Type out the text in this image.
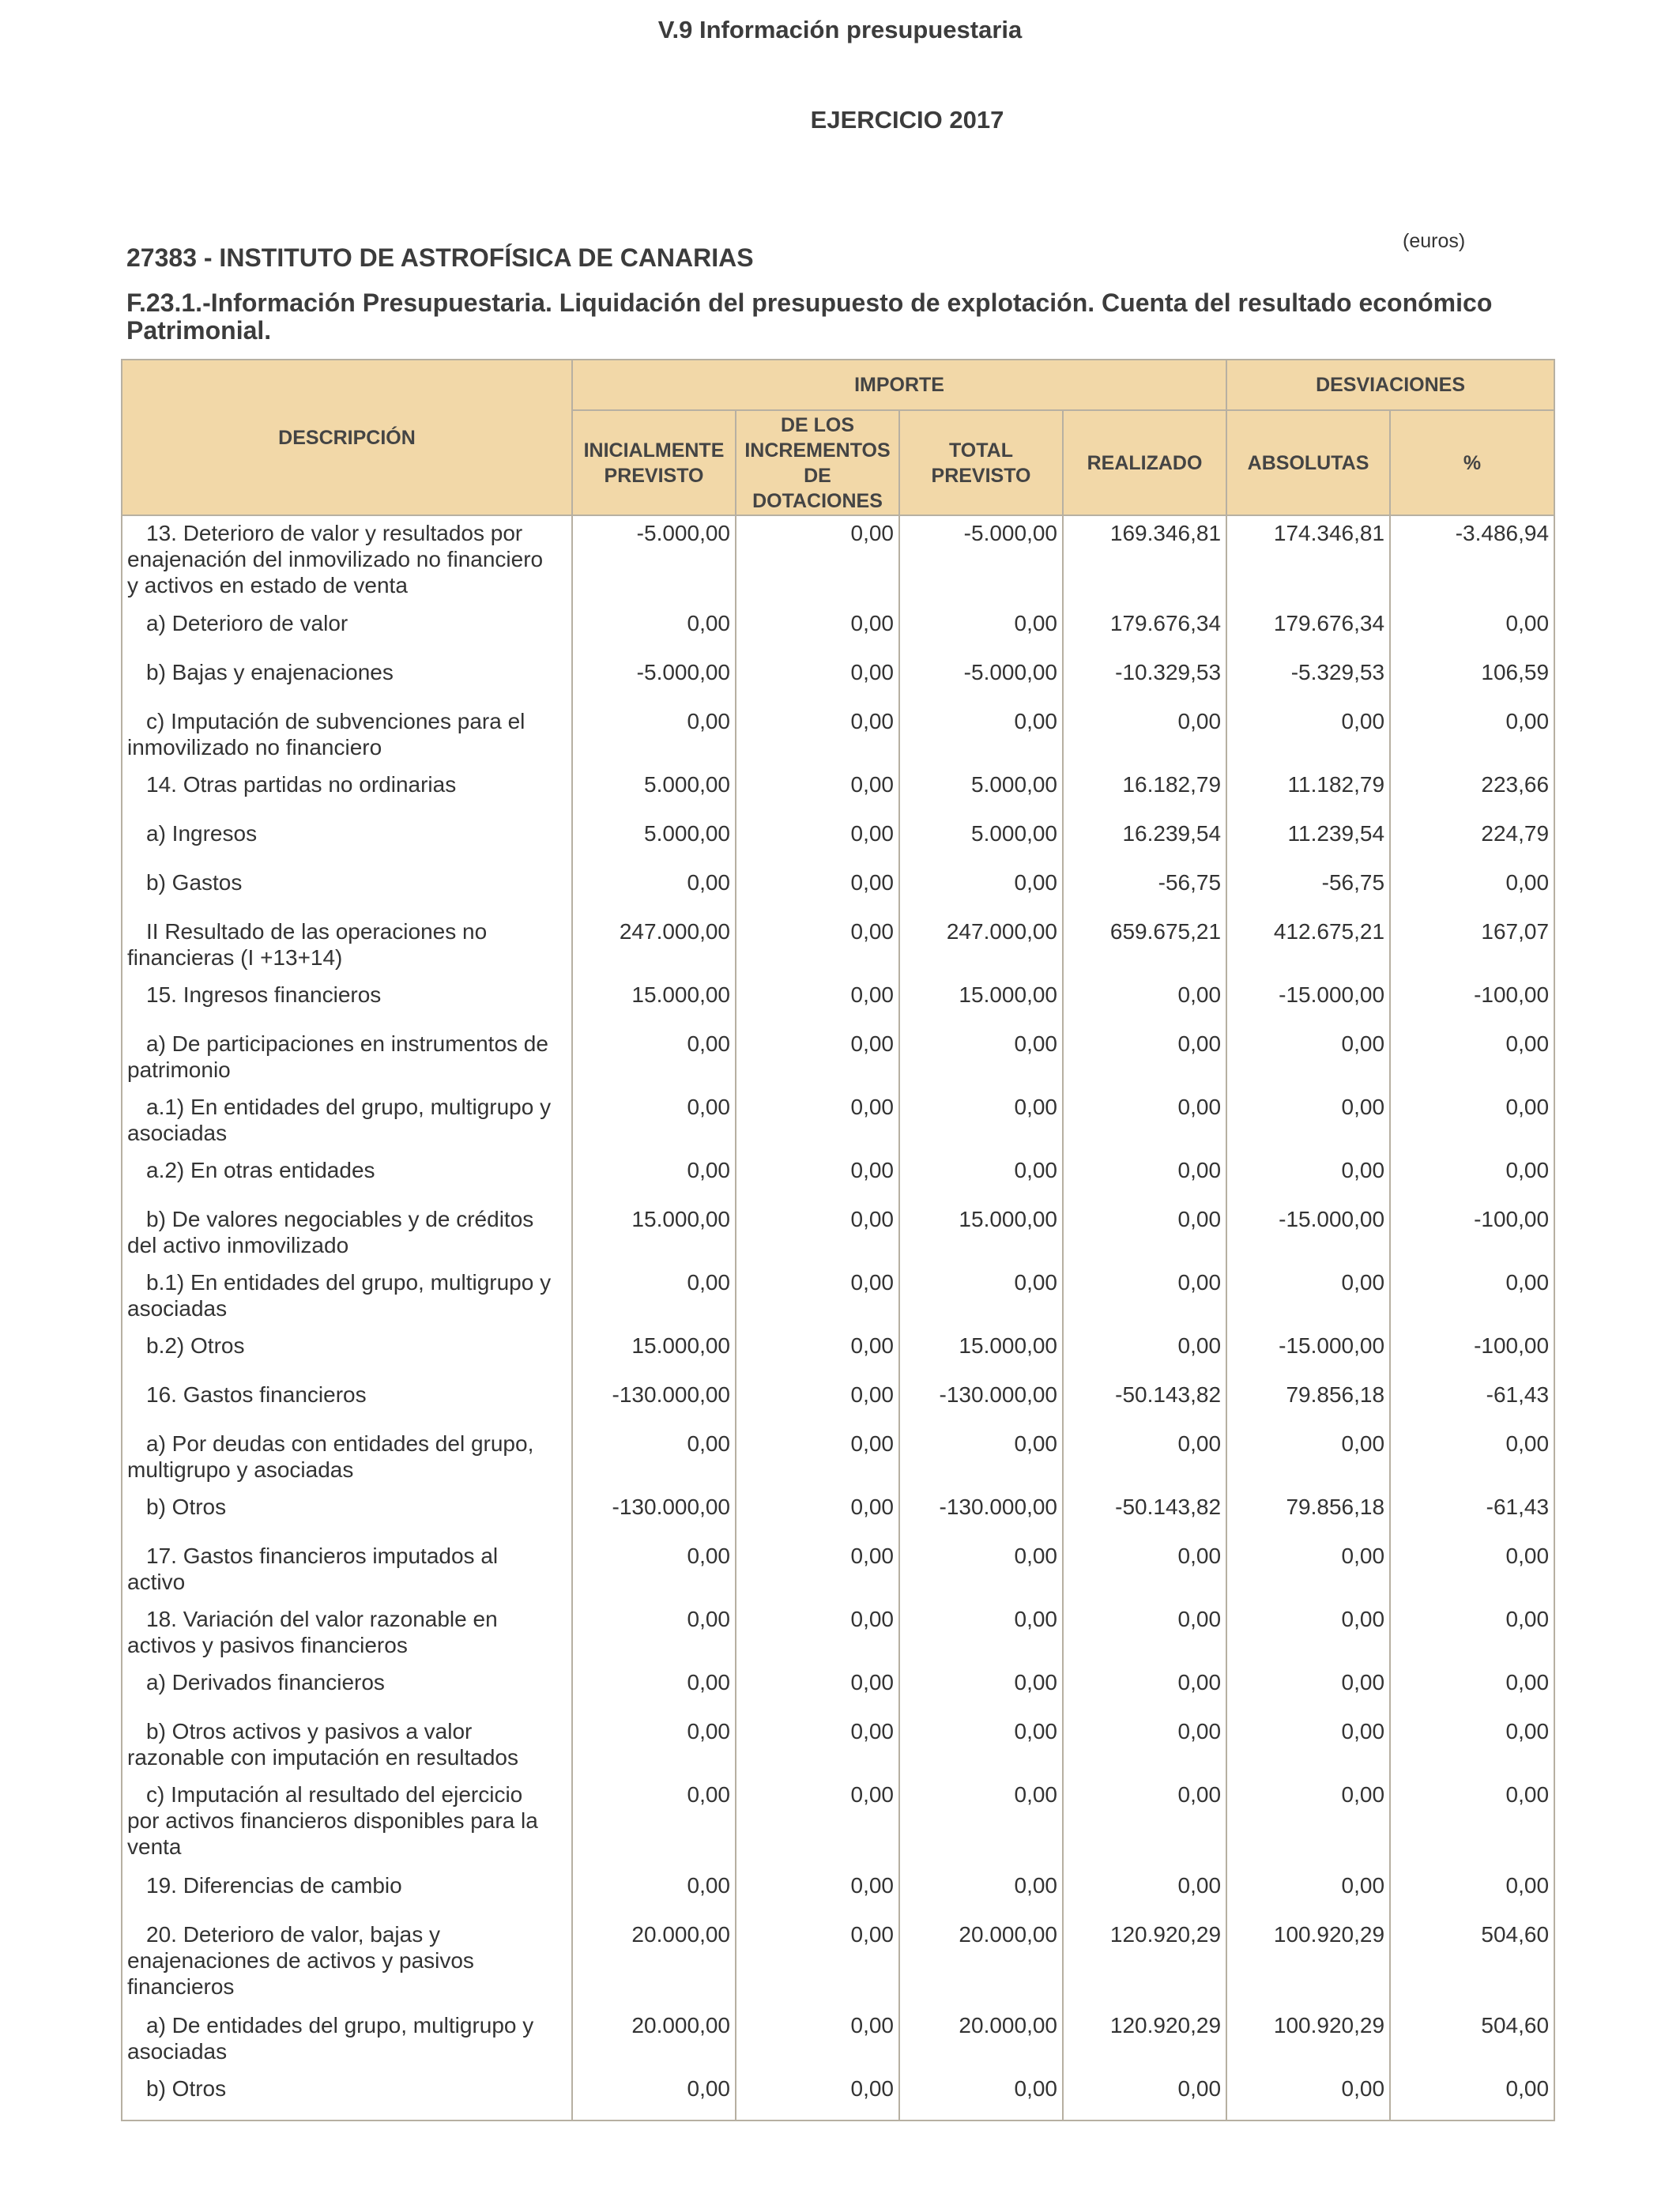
V.9 Información presupuestaria
EJERCICIO 2017
(euros)
27383 - INSTITUTO DE ASTROFÍSICA DE CANARIAS
F.23.1.-Información Presupuestaria. Liquidación del presupuesto de explotación. Cuenta del resultado económico Patrimonial.
DESCRIPCIÓN	IMPORTE				DESVIACIONES	
	INICIALMENTE PREVISTO	DE LOS INCREMENTOS DE DOTACIONES	TOTAL PREVISTO	REALIZADO	ABSOLUTAS	%
13. Deterioro de valor y resultados por enajenación del inmovilizado no financiero y activos en estado de venta	-5.000,00	0,00	-5.000,00	169.346,81	174.346,81	-3.486,94
a) Deterioro de valor	0,00	0,00	0,00	179.676,34	179.676,34	0,00
b) Bajas y enajenaciones	-5.000,00	0,00	-5.000,00	-10.329,53	-5.329,53	106,59
c) Imputación de subvenciones para el inmovilizado no financiero	0,00	0,00	0,00	0,00	0,00	0,00
14. Otras partidas no ordinarias	5.000,00	0,00	5.000,00	16.182,79	11.182,79	223,66
a) Ingresos	5.000,00	0,00	5.000,00	16.239,54	11.239,54	224,79
b) Gastos	0,00	0,00	0,00	-56,75	-56,75	0,00
II Resultado de las operaciones no financieras (I +13+14)	247.000,00	0,00	247.000,00	659.675,21	412.675,21	167,07
15. Ingresos financieros	15.000,00	0,00	15.000,00	0,00	-15.000,00	-100,00
a) De participaciones en instrumentos de patrimonio	0,00	0,00	0,00	0,00	0,00	0,00
a.1) En entidades del grupo, multigrupo y asociadas	0,00	0,00	0,00	0,00	0,00	0,00
a.2) En otras entidades	0,00	0,00	0,00	0,00	0,00	0,00
b) De valores negociables y de créditos del activo inmovilizado	15.000,00	0,00	15.000,00	0,00	-15.000,00	-100,00
b.1) En entidades del grupo, multigrupo y asociadas	0,00	0,00	0,00	0,00	0,00	0,00
b.2) Otros	15.000,00	0,00	15.000,00	0,00	-15.000,00	-100,00
16. Gastos financieros	-130.000,00	0,00	-130.000,00	-50.143,82	79.856,18	-61,43
a) Por deudas con entidades del grupo, multigrupo y asociadas	0,00	0,00	0,00	0,00	0,00	0,00
b) Otros	-130.000,00	0,00	-130.000,00	-50.143,82	79.856,18	-61,43
17. Gastos financieros imputados al activo	0,00	0,00	0,00	0,00	0,00	0,00
18. Variación del valor razonable en activos y pasivos financieros	0,00	0,00	0,00	0,00	0,00	0,00
a) Derivados financieros	0,00	0,00	0,00	0,00	0,00	0,00
b) Otros activos y pasivos a valor razonable con imputación en resultados	0,00	0,00	0,00	0,00	0,00	0,00
c) Imputación al resultado del ejercicio por activos financieros disponibles para la venta	0,00	0,00	0,00	0,00	0,00	0,00
19. Diferencias de cambio	0,00	0,00	0,00	0,00	0,00	0,00
20. Deterioro de valor, bajas y enajenaciones de activos y pasivos financieros	20.000,00	0,00	20.000,00	120.920,29	100.920,29	504,60
a) De entidades del grupo, multigrupo y asociadas	20.000,00	0,00	20.000,00	120.920,29	100.920,29	504,60
b) Otros	0,00	0,00	0,00	0,00	0,00	0,00
